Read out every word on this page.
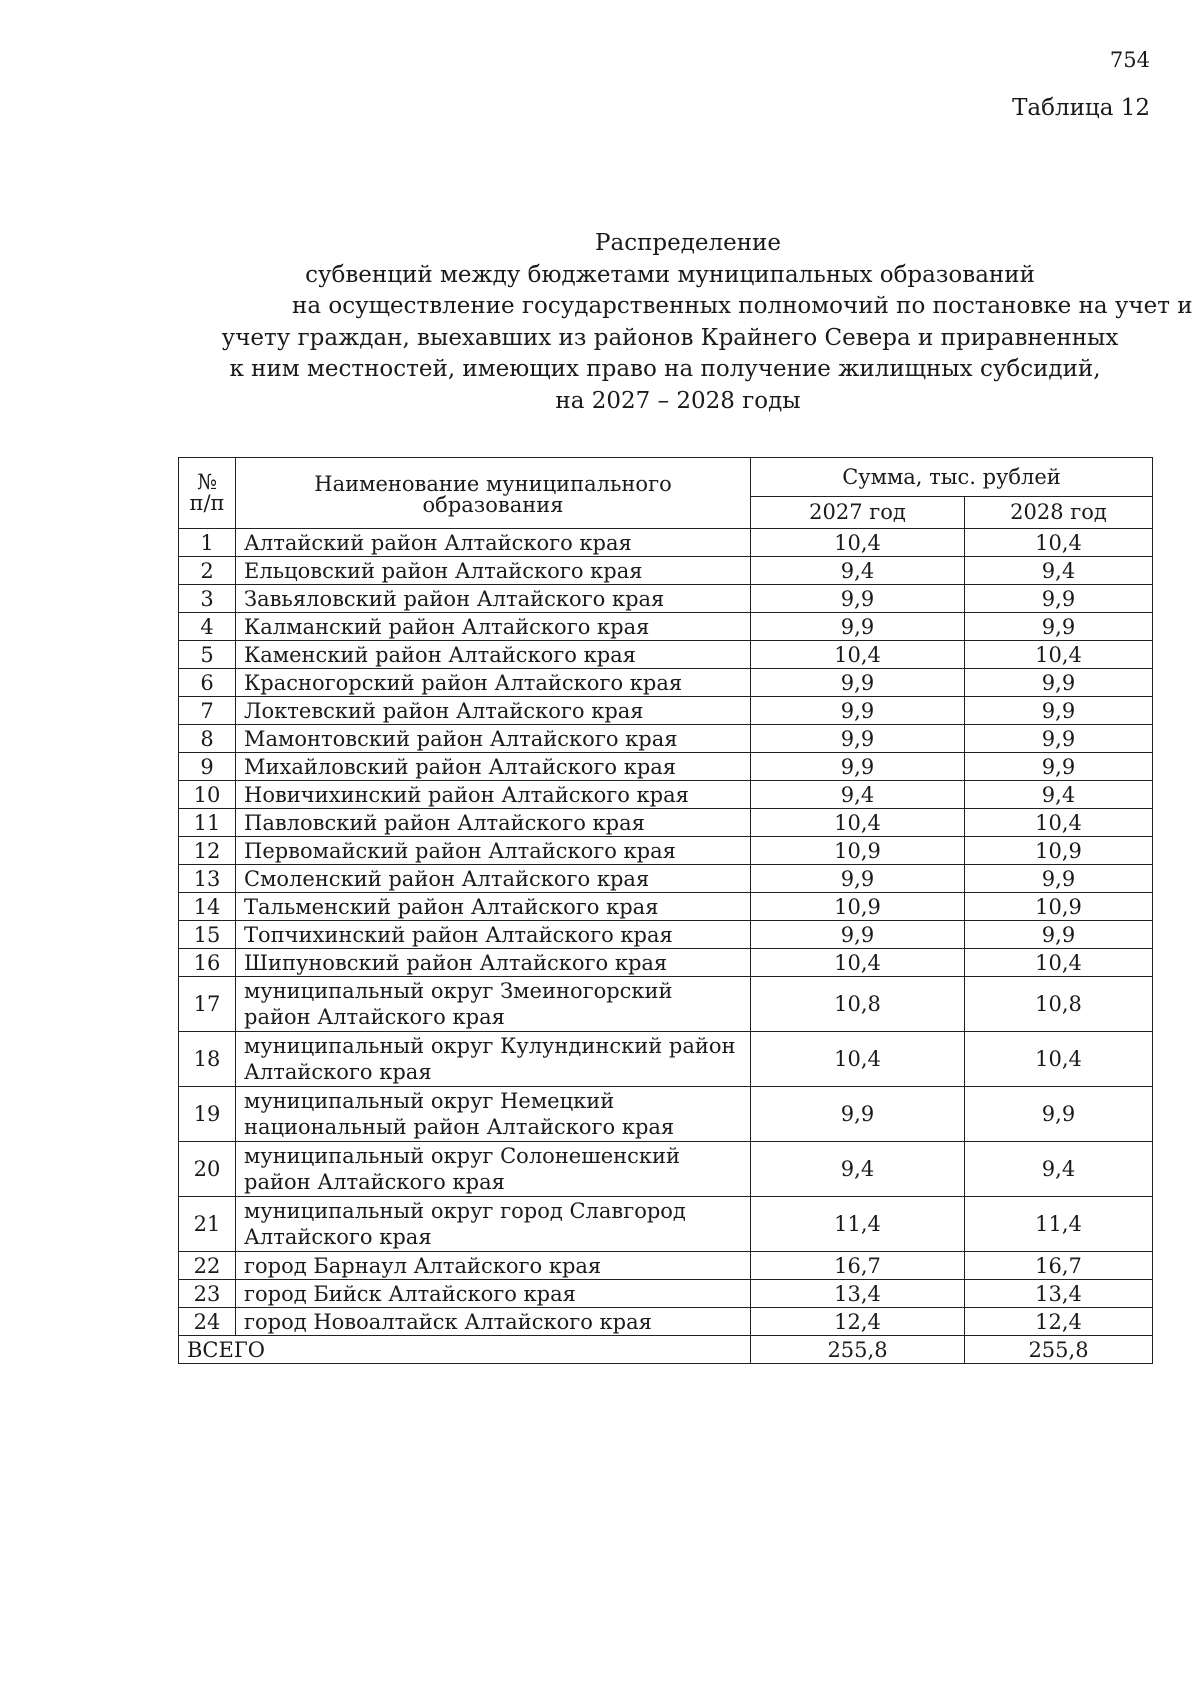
754
Таблица 12
Распределение
субвенций между бюджетами муниципальных образований
на осуществление государственных полномочий по постановке на учет и
учету граждан, выехавших из районов Крайнего Севера и приравненных
к ним местностей, имеющих право на получение жилищных субсидий,
на 2027 – 2028 годы
№ п/п	Наименование муниципального образования	Сумма, тыс. рублей	
		2027 год	2028 год
1	Алтайский район Алтайского края	10,4	10,4
2	Ельцовский район Алтайского края	9,4	9,4
3	Завьяловский район Алтайского края	9,9	9,9
4	Калманский район Алтайского края	9,9	9,9
5	Каменский район Алтайского края	10,4	10,4
6	Красногорский район Алтайского края	9,9	9,9
7	Локтевский район Алтайского края	9,9	9,9
8	Мамонтовский район Алтайского края	9,9	9,9
9	Михайловский район Алтайского края	9,9	9,9
10	Новичихинский район Алтайского края	9,4	9,4
11	Павловский район Алтайского края	10,4	10,4
12	Первомайский район Алтайского края	10,9	10,9
13	Смоленский район Алтайского края	9,9	9,9
14	Тальменский район Алтайского края	10,9	10,9
15	Топчихинский район Алтайского края	9,9	9,9
16	Шипуновский район Алтайского края	10,4	10,4
17	муниципальный округ Змеиногорский район Алтайского края	10,8	10,8
18	муниципальный округ Кулундинский район Алтайского края	10,4	10,4
19	муниципальный округ Немецкий национальный район Алтайского края	9,9	9,9
20	муниципальный округ Солонешенский район Алтайского края	9,4	9,4
21	муниципальный округ город Славгород Алтайского края	11,4	11,4
22	город Барнаул Алтайского края	16,7	16,7
23	город Бийск Алтайского края	13,4	13,4
24	город Новоалтайск Алтайского края	12,4	12,4
ВСЕГО		255,8	255,8
